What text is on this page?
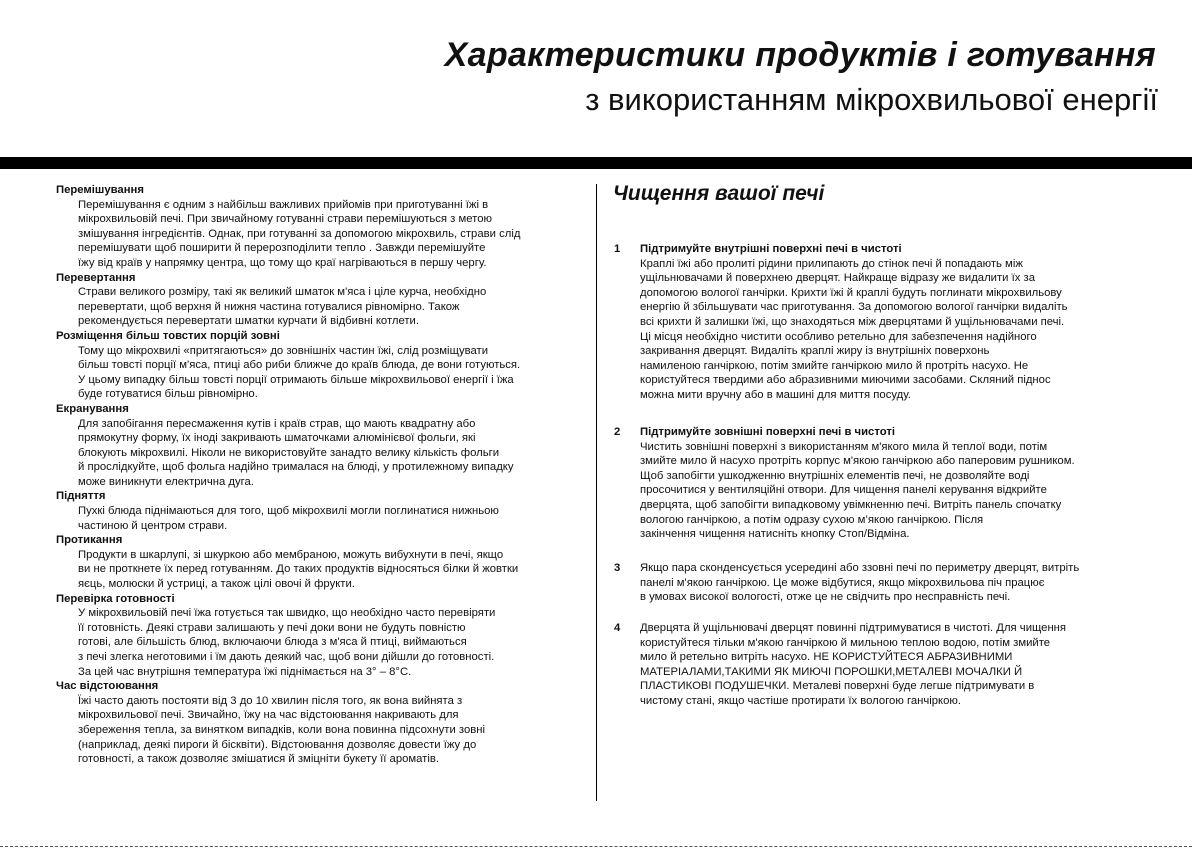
Характеристики продуктів і готування
з використанням мікрохвильової енергії
Перемішування
Перемішування є одним з найбільш важливих прийомів при приготуванні їжі в
мікрохвильовій печі. При звичайному готуванні страви перемішуються з метою
змішування інгредієнтів. Однак, при готуванні за допомогою мікрохвиль, страви слід
перемішувати щоб поширити й перерозподілити тепло . Завжди перемішуйте
їжу від країв у напрямку центра, що тому що краї нагріваються в першу чергу.
Перевертання
Страви великого розміру, такі як великий шматок м'яса і ціле курча, необхідно
перевертати, щоб верхня й нижня частина готувалися рівномірно. Також
рекомендується перевертати шматки курчати й відбивні котлети.
Розміщення більш товстих порцій зовні
Тому що мікрохвилі «притягаються» до зовнішніх частин їжі, слід розміщувати
більш товсті порції м'яса, птиці або риби ближче до країв блюда, де вони готуються.
У цьому випадку більш товсті порції отримають більше мікрохвильової енергії і їжа
буде готуватися більш рівномірно.
Екранування
Для запобігання пересмаження кутів і країв страв, що мають квадратну або
прямокутну форму, їх іноді закривають шматочками алюмінієвої фольги, які
блокують мікрохвилі. Ніколи не використовуйте занадто велику кількість фольги
й прослідкуйте, щоб фольга надійно трималася на блюді, у протилежному випадку
може виникнути електрична дуга.
Підняття
Пухкі блюда піднімаються для того, щоб мікрохвилі могли поглинатися нижньою
частиною й центром страви.
Протикання
Продукти в шкарлупі, зі шкуркою або мембраною, можуть вибухнути в печі, якщо
ви не проткнете їх перед готуванням. До таких продуктів відносяться білки й жовтки
яєць, молюски й устриці, а також цілі овочі й фрукти.
Перевірка готовності
У мікрохвильовій печі їжа готується так швидко, що необхідно часто перевіряти
її готовність. Деякі страви залишають у печі доки вони не будуть повністю
готові, але більшість блюд, включаючи блюда з м'яса й птиці, виймаються
з печі злегка неготовими і їм дають деякий час, щоб вони дійшли до готовності.
За цей час внутрішня температура їжі піднімається на 3° – 8°C.
Час відстоювання
Їжі часто дають постояти від 3 до 10 хвилин після того, як вона вийнята з
мікрохвильової печі. Звичайно, їжу на час відстоювання накривають для
збереження тепла, за винятком випадків, коли вона повинна підсохнути зовні
(наприклад, деякі пироги й бісквіти). Відстоювання дозволяє довести їжу до
готовності, а також дозволяє змішатися й зміцніти букету її ароматів.
Чищення вашої печі
1	Підтримуйте внутрішні поверхні печі в чистоті
Краплі їжі або пролиті рідини прилипають до стінок печі й попадають між
ущільнювачами й поверхнею дверцят. Найкраще відразу же видалити їх за
допомогою вологої ганчірки. Крихти їжі й краплі будуть поглинати мікрохвильову
енергію й збільшувати час приготування. За допомогою вологої ганчірки видаліть
всі крихти й залишки їжі, що знаходяться між дверцятами й ущільнювачами печі.
Ці місця необхідно чистити особливо ретельно для забезпечення надійного
закривання дверцят. Видаліть краплі жиру із внутрішніх поверхонь
намиленою ганчіркою, потім змийте ганчіркою мило й протріть насухо. Не
користуйтеся твердими або абразивними миючими засобами. Скляний піднос
можна мити вручну або в машині для миття посуду.
2	Підтримуйте зовнішні поверхні печі в чистоті
Чистить зовнішні поверхні з використанням м'якого мила й теплої води, потім
змийте мило й насухо протріть корпус м'якою ганчіркою або паперовим рушником.
Щоб запобігти ушкодженню внутрішніх елементів печі, не дозволяйте воді
просочитися у вентиляційні отвори. Для чищення панелі керування відкрийте
дверцята, щоб запобігти випадковому увімкненню печі. Витріть панель спочатку
вологою ганчіркою, а потім одразу сухою м’якою ганчіркою. Після
закінчення чищення натисніть кнопку Стоп/Відміна.
3	Якщо пара сконденсується усередині або ззовні печі по периметру дверцят, витріть
панелі м'якою ганчіркою. Це може відбутися, якщо мікрохвильова піч працює
в умовах високої вологості, отже це не свідчить про несправність печі.
4	Дверцята й ущільнювачі дверцят повинні підтримуватися в чистоті. Для чищення
користуйтеся тільки м'якою ганчіркою й мильною теплою водою, потім змийте
мило й ретельно витріть насухо. НЕ КОРИСТУЙТЕСЯ АБРАЗИВНИМИ
МАТЕРІАЛАМИ,ТАКИМИ ЯК МИЮЧІ ПОРОШКИ,МЕТАЛЕВІ МОЧАЛКИ Й
ПЛАСТИКОВІ ПОДУШЕЧКИ. Металеві поверхні буде легше підтримувати в
чистому стані, якщо частіше протирати їх вологою ганчіркою.
